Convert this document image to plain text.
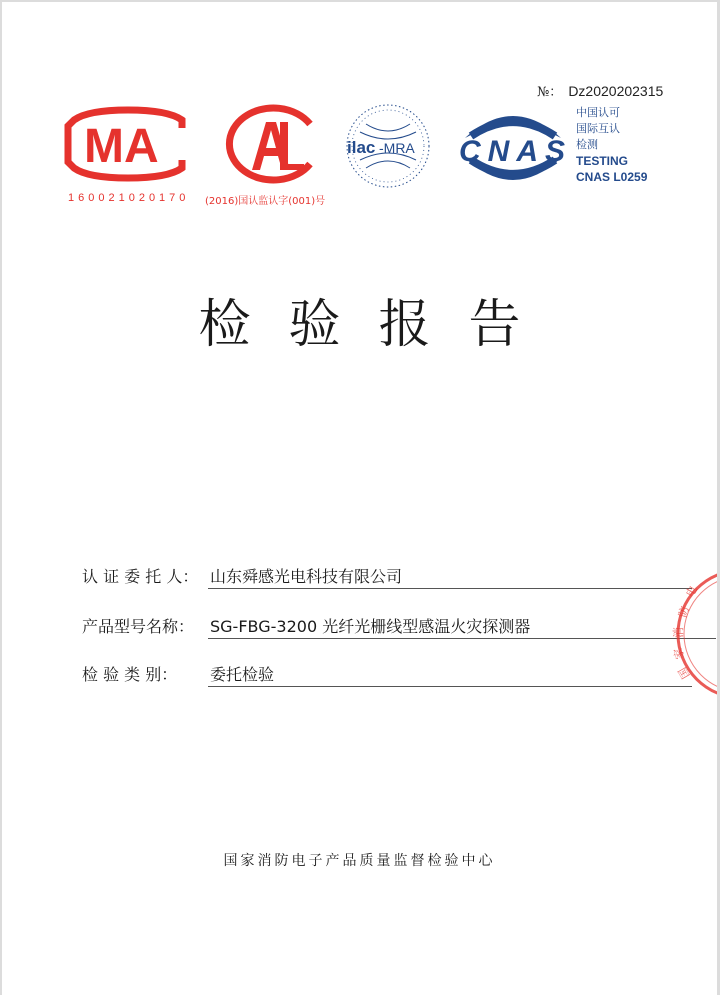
№： Dz2020202315
MA
160021020170 (2016)国认监认字(001)号
ilac -MRA CNAS
中国认可
国际互认
检测
TESTING
CNAS L0259
检验报告
认 证 委 托 人： 山东舜感光电科技有限公司
产品型号名称： SG-FBG-3200 光纤光栅线型感温火灾探测器
检 验 类 别： 委托检验
电
防
消
家
国
国家消防电子产品质量监督检验中心
